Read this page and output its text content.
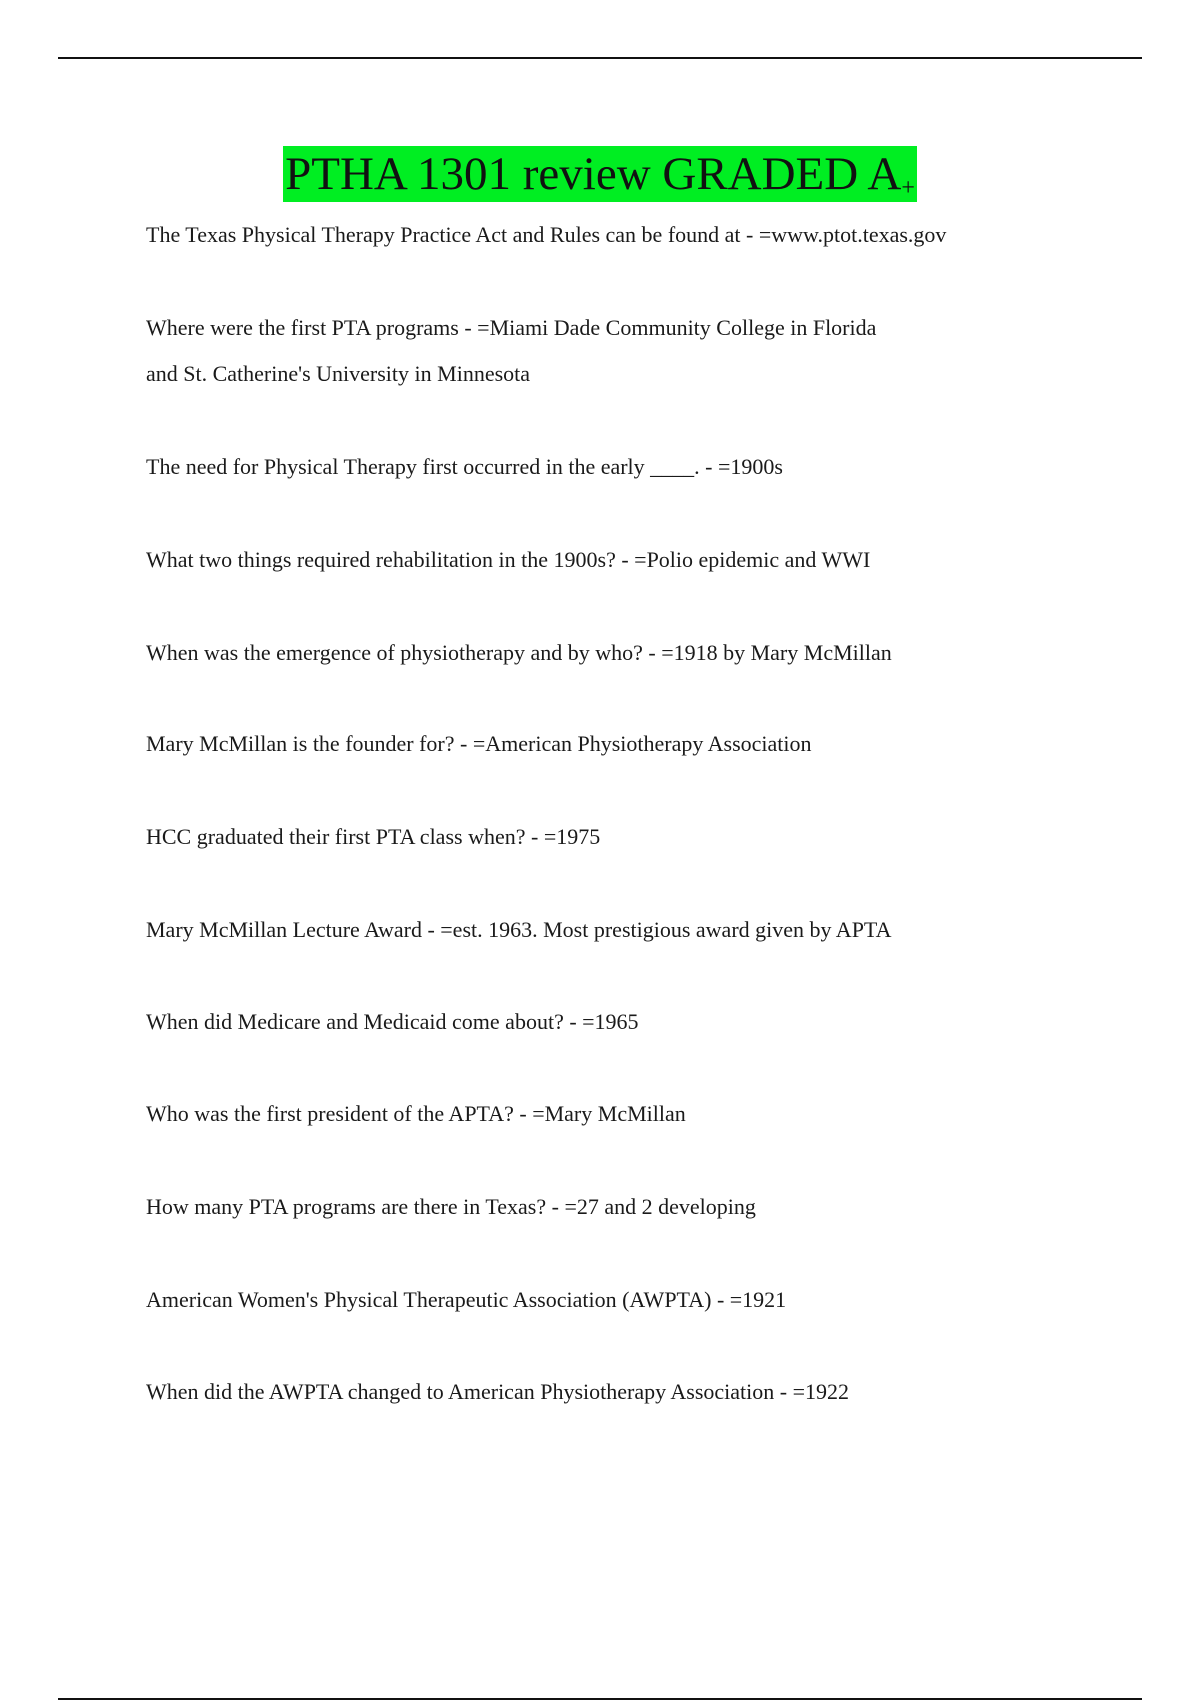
PTHA 1301 review GRADED $A_+$

The Texas Physical Therapy Practice Act and Rules can be found at - =www.ptot.texas.gov

Where were the first PTA programs - =Miami Dade Community College in Florida
and St. Catherine's University in Minnesota

The need for Physical Therapy first occurred in the early ____. - =1900s

What two things required rehabilitation in the 1900s? - =Polio epidemic and WWI

When was the emergence of physiotherapy and by who? - =1918 by Mary McMillan

Mary McMillan is the founder for? - =American Physiotherapy Association

HCC graduated their first PTA class when? - =1975

Mary McMillan Lecture Award - =est. 1963. Most prestigious award given by APTA

When did Medicare and Medicaid come about? - =1965

Who was the first president of the APTA? - =Mary McMillan

How many PTA programs are there in Texas? - =27 and 2 developing

American Women's Physical Therapeutic Association (AWPTA) - =1921

When did the AWPTA changed to American Physiotherapy Association - =1922
